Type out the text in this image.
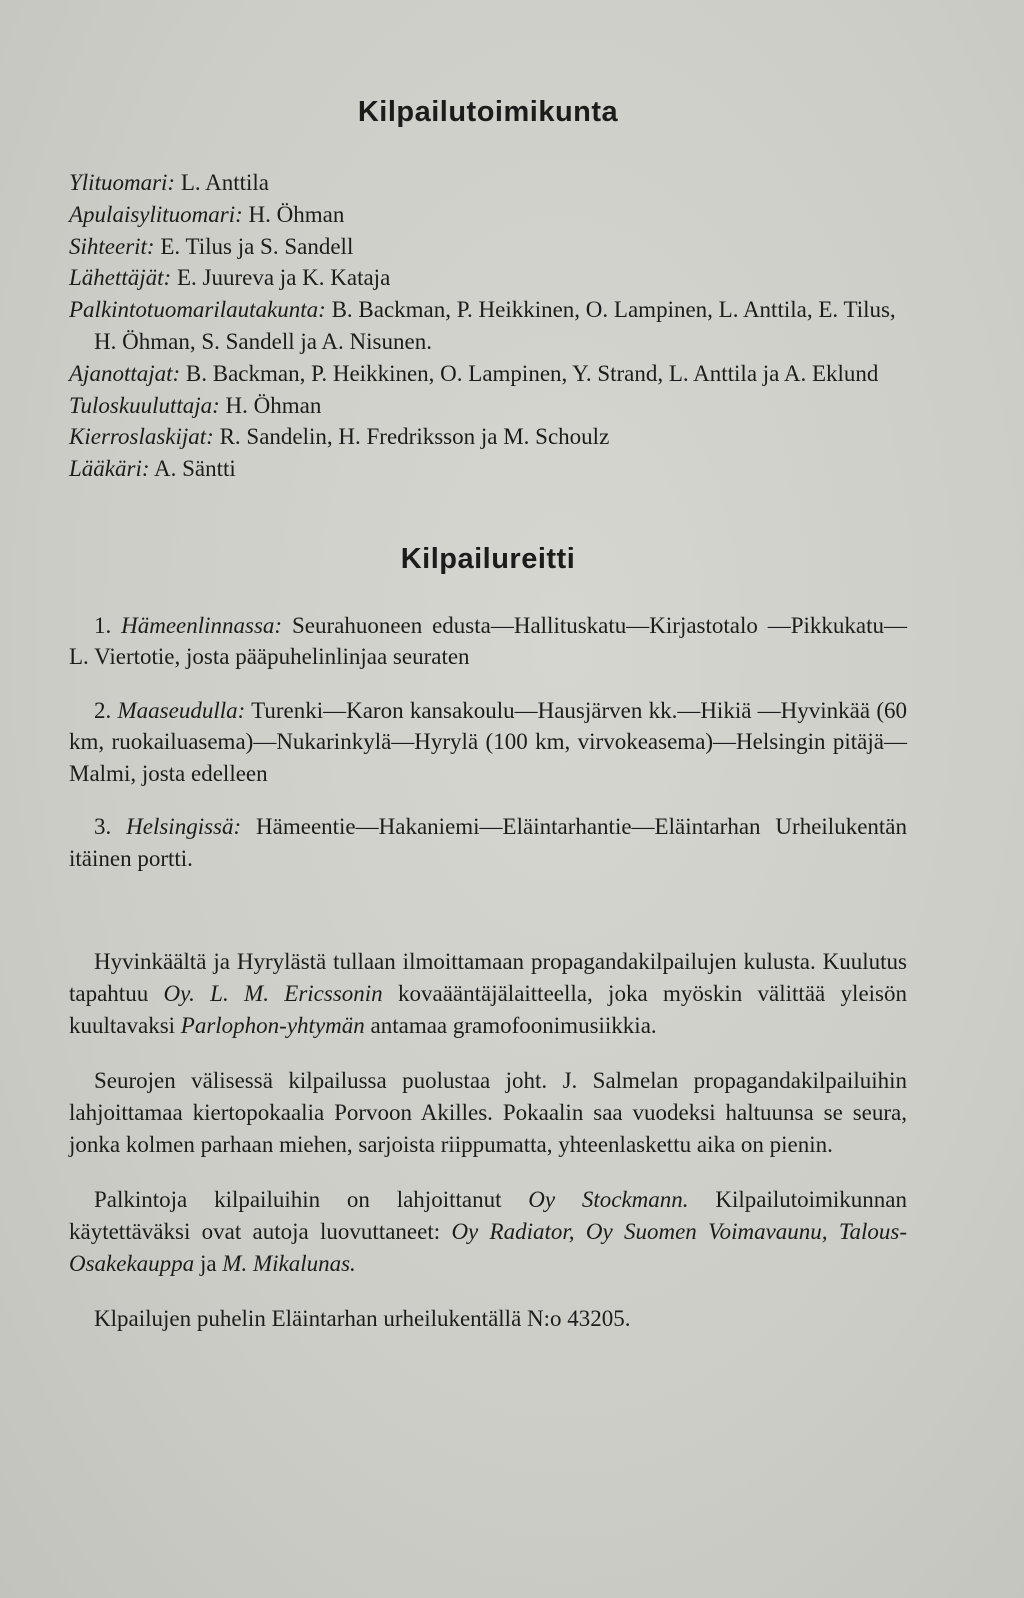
Kilpailutoimikunta
Ylituomari: L. Anttila
Apulaisylituomari: H. Öhman
Sihteerit: E. Tilus ja S. Sandell
Lähettäjät: E. Juureva ja K. Kataja
Palkintotuomarilautakunta: B. Backman, P. Heikkinen, O. Lampinen, L. Anttila, E. Tilus, H. Öhman, S. Sandell ja A. Nisunen.
Ajanottajat: B. Backman, P. Heikkinen, O. Lampinen, Y. Strand, L. Anttila ja A. Eklund
Tuloskuuluttaja: H. Öhman
Kierroslaskijat: R. Sandelin, H. Fredriksson ja M. Schoulz
Lääkäri: A. Säntti
Kilpailureitti
1. Hämeenlinnassa: Seurahuoneen edusta—Hallituskatu—Kirjastotalo —Pikkukatu—L. Viertotie, josta pääpuhelinlinjaa seuraten
2. Maaseudulla: Turenki—Karon kansakoulu—Hausjärven kk.—Hikiä —Hyvinkää (60 km, ruokailuasema)—Nukarinkylä—Hyrylä (100 km, virvokeasema)—Helsingin pitäjä—Malmi, josta edelleen
3. Helsingissä: Hämeentie—Hakaniemi—Eläintarhantie—Eläintarhan Urheilukentän itäinen portti.

Hyvinkäältä ja Hyrylästä tullaan ilmoittamaan propagandakilpailujen kulusta. Kuulutus tapahtuu Oy. L. M. Ericssonin kovaääntäjälaitteella, joka myöskin välittää yleisön kuultavaksi Parlophon-yhtymän antamaa gramofoonimusiikkia.

Seurojen välisessä kilpailussa puolustaa joht. J. Salmelan propagandakilpailuihin lahjoittamaa kiertopokaalia Porvoon Akilles. Pokaalin saa vuodeksi haltuunsa se seura, jonka kolmen parhaan miehen, sarjoista riippumatta, yhteenlaskettu aika on pienin.

Palkintoja kilpailuihin on lahjoittanut Oy Stockmann. Kilpailutoimikunnan käytettäväksi ovat autoja luovuttaneet: Oy Radiator, Oy Suomen Voimavaunu, Talous-Osakekauppa ja M. Mikalunas.

Klpailujen puhelin Eläintarhan urheilukentällä N:o 43205.
